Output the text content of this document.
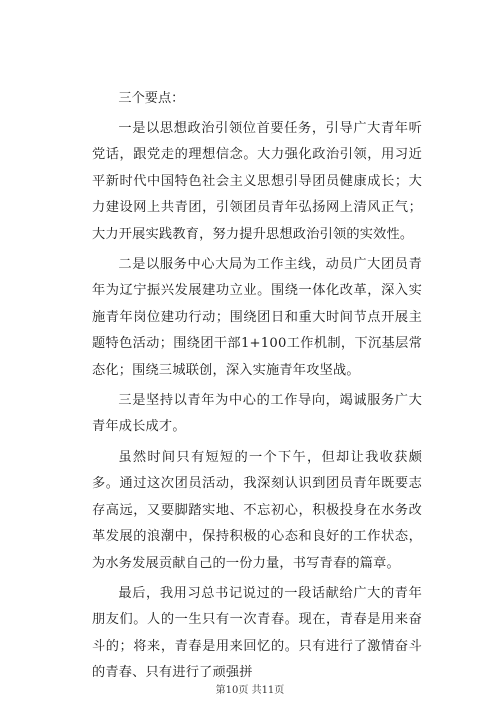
三个要点：

一是以思想政治引领位首要任务，引导广大青年听党话，跟党走的理想信念。大力强化政治引领，用习近平新时代中国特色社会主义思想引导团员健康成长；大力建设网上共青团，引领团员青年弘扬网上清风正气；大力开展实践教育，努力提升思想政治引领的实效性。

二是以服务中心大局为工作主线，动员广大团员青年为辽宁振兴发展建功立业。围绕一体化改革，深入实施青年岗位建功行动；围绕团日和重大时间节点开展主题特色活动；围绕团干部1+100工作机制，下沉基层常态化；围绕三城联创，深入实施青年攻坚战。

三是坚持以青年为中心的工作导向，竭诚服务广大青年成长成才。

虽然时间只有短短的一个下午，但却让我收获颇多。通过这次团员活动，我深刻认识到团员青年既要志存高远，又要脚踏实地、不忘初心，积极投身在水务改革发展的浪潮中，保持积极的心态和良好的工作状态，为水务发展贡献自己的一份力量，书写青春的篇章。

最后，我用习总书记说过的一段话献给广大的青年朋友们。人的一生只有一次青春。现在，青春是用来奋斗的；将来，青春是用来回忆的。只有进行了激情奋斗的青春、只有进行了顽强拼

第10页 共11页
